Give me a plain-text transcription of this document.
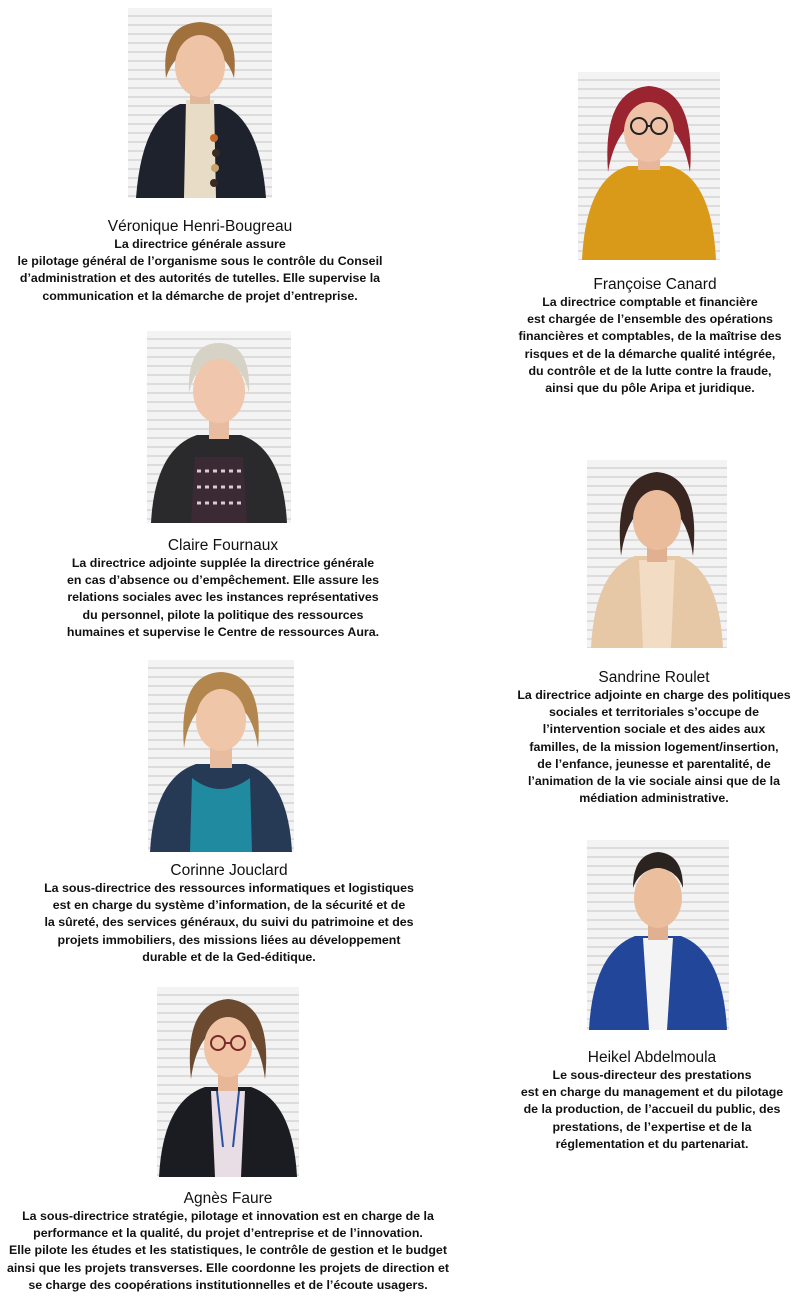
Véronique Henri-Bougreau
La directrice générale assure
le pilotage général de l’organisme sous le contrôle du Conseil
d’administration et des autorités de tutelles. Elle supervise la
communication et la démarche de projet d’entreprise.
Françoise Canard
La directrice comptable et financière
est chargée de l’ensemble des opérations
financières et comptables, de la maîtrise des
risques et de la démarche qualité intégrée,
du contrôle et de la lutte contre la fraude,
ainsi que du pôle Aripa et juridique.
Claire Fournaux
La directrice adjointe supplée la directrice générale
en cas d’absence ou d’empêchement. Elle assure les
relations sociales avec les instances représentatives
du personnel, pilote la politique des ressources
humaines et supervise le Centre de ressources Aura.
Sandrine Roulet
La directrice adjointe en charge des politiques
sociales et territoriales s’occupe de
l’intervention sociale et des aides aux
familles, de la mission logement/insertion,
de l’enfance, jeunesse et parentalité, de
l’animation de la vie sociale ainsi que de la
médiation administrative.
Corinne Jouclard
La sous-directrice des ressources informatiques et logistiques
est en charge du système d’information, de la sécurité et de
la sûreté, des services généraux, du suivi du patrimoine et des
projets immobiliers, des missions liées au développement
durable et de la Ged-éditique.
Heikel Abdelmoula
Le sous-directeur des prestations
est en charge du management et du pilotage
de la production, de l’accueil du public, des
prestations, de l’expertise et de la
réglementation et du partenariat.
Agnès Faure
La sous-directrice stratégie, pilotage et innovation est en charge de la
performance et la qualité, du projet d’entreprise et de l’innovation.
Elle pilote les études et les statistiques, le contrôle de gestion et le budget
ainsi que les projets transverses. Elle coordonne les projets de direction et
se charge des coopérations institutionnelles et de l’écoute usagers.
